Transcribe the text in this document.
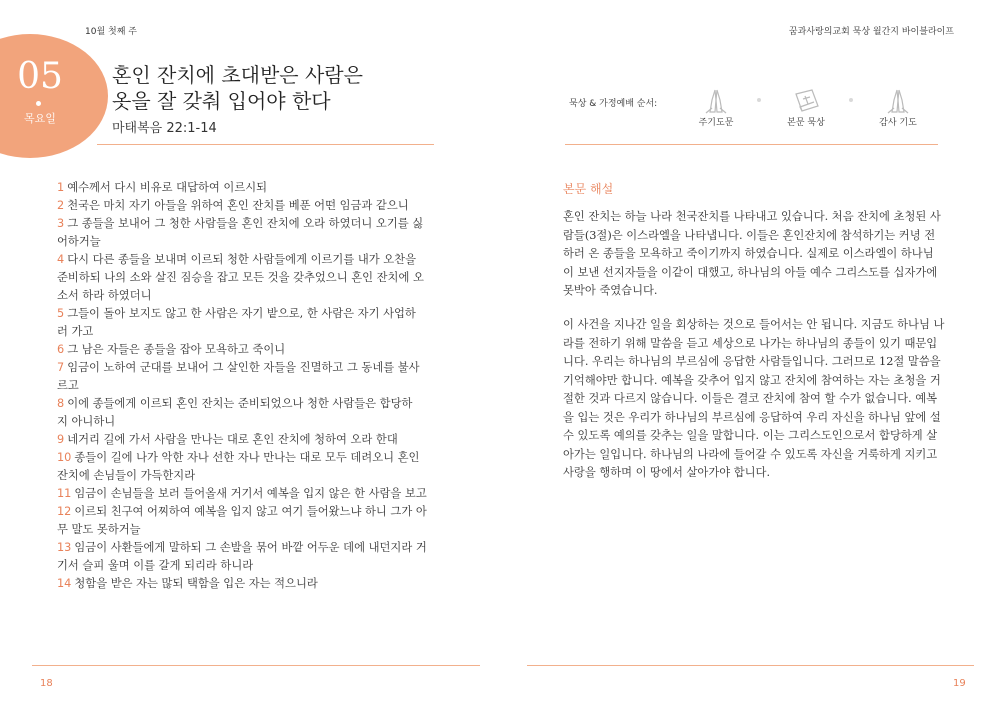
10월 첫째 주	꿈과사랑의교회 묵상 월간지 바이블라이프
05
목요일
혼인 잔치에 초대받은 사람은
옷을 잘 갖춰 입어야 한다
마태복음 22:1-14
1 예수께서 다시 비유로 대답하여 이르시되
2 천국은 마치 자기 아들을 위하여 혼인 잔치를 베푼 어떤 임금과 같으니
3 그 종들을 보내어 그 청한 사람들을 혼인 잔치에 오라 하였더니 오기를 싫
어하거늘
4 다시 다른 종들을 보내며 이르되 청한 사람들에게 이르기를 내가 오찬을
준비하되 나의 소와 살진 짐승을 잡고 모든 것을 갖추었으니 혼인 잔치에 오
소서 하라 하였더니
5 그들이 돌아 보지도 않고 한 사람은 자기 밭으로, 한 사람은 자기 사업하
러 가고
6 그 남은 자들은 종들을 잡아 모욕하고 죽이니
7 임금이 노하여 군대를 보내어 그 살인한 자들을 진멸하고 그 동네를 불사
르고
8 이에 종들에게 이르되 혼인 잔치는 준비되었으나 청한 사람들은 합당하
지 아니하니
9 네거리 길에 가서 사람을 만나는 대로 혼인 잔치에 청하여 오라 한대
10 종들이 길에 나가 악한 자나 선한 자나 만나는 대로 모두 데려오니 혼인
잔치에 손님들이 가득한지라
11 임금이 손님들을 보러 들어올새 거기서 예복을 입지 않은 한 사람을 보고
12 이르되 친구여 어찌하여 예복을 입지 않고 여기 들어왔느냐 하니 그가 아
무 말도 못하거늘
13 임금이 사환들에게 말하되 그 손발을 묶어 바깥 어두운 데에 내던지라 거
기서 슬피 울며 이를 갈게 되리라 하니라
14 청함을 받은 자는 많되 택함을 입은 자는 적으니라
묵상 & 가정예배 순서:
주기도문	본문 묵상	감사 기도
본문 해설
혼인 잔치는 하늘 나라 천국잔치를 나타내고 있습니다. 처음 잔치에 초청된 사
람들(3절)은 이스라엘을 나타냅니다. 이들은 혼인잔치에 참석하기는 커녕 전
하러 온 종들을 모욕하고 죽이기까지 하였습니다. 실제로 이스라엘이 하나님
이 보낸 선지자들을 이같이 대했고, 하나님의 아들 예수 그리스도를 십자가에
못박아 죽였습니다.
이 사건을 지나간 일을 회상하는 것으로 들어서는 안 됩니다. 지금도 하나님 나
라를 전하기 위해 말씀을 듣고 세상으로 나가는 하나님의 종들이 있기 때문입
니다. 우리는 하나님의 부르심에 응답한 사람들입니다. 그러므로 12절 말씀을
기억해야만 합니다. 예복을 갖추어 입지 않고 잔치에 참여하는 자는 초청을 거
절한 것과 다르지 않습니다. 이들은 결코 잔치에 참여 할 수가 없습니다. 예복
을 입는 것은 우리가 하나님의 부르심에 응답하여 우리 자신을 하나님 앞에 설
수 있도록 예의를 갖추는 일을 말합니다. 이는 그리스도인으로서 합당하게 살
아가는 일입니다. 하나님의 나라에 들어갈 수 있도록 자신을 거룩하게 지키고
사랑을 행하며 이 땅에서 살아가야 합니다.
18	19
